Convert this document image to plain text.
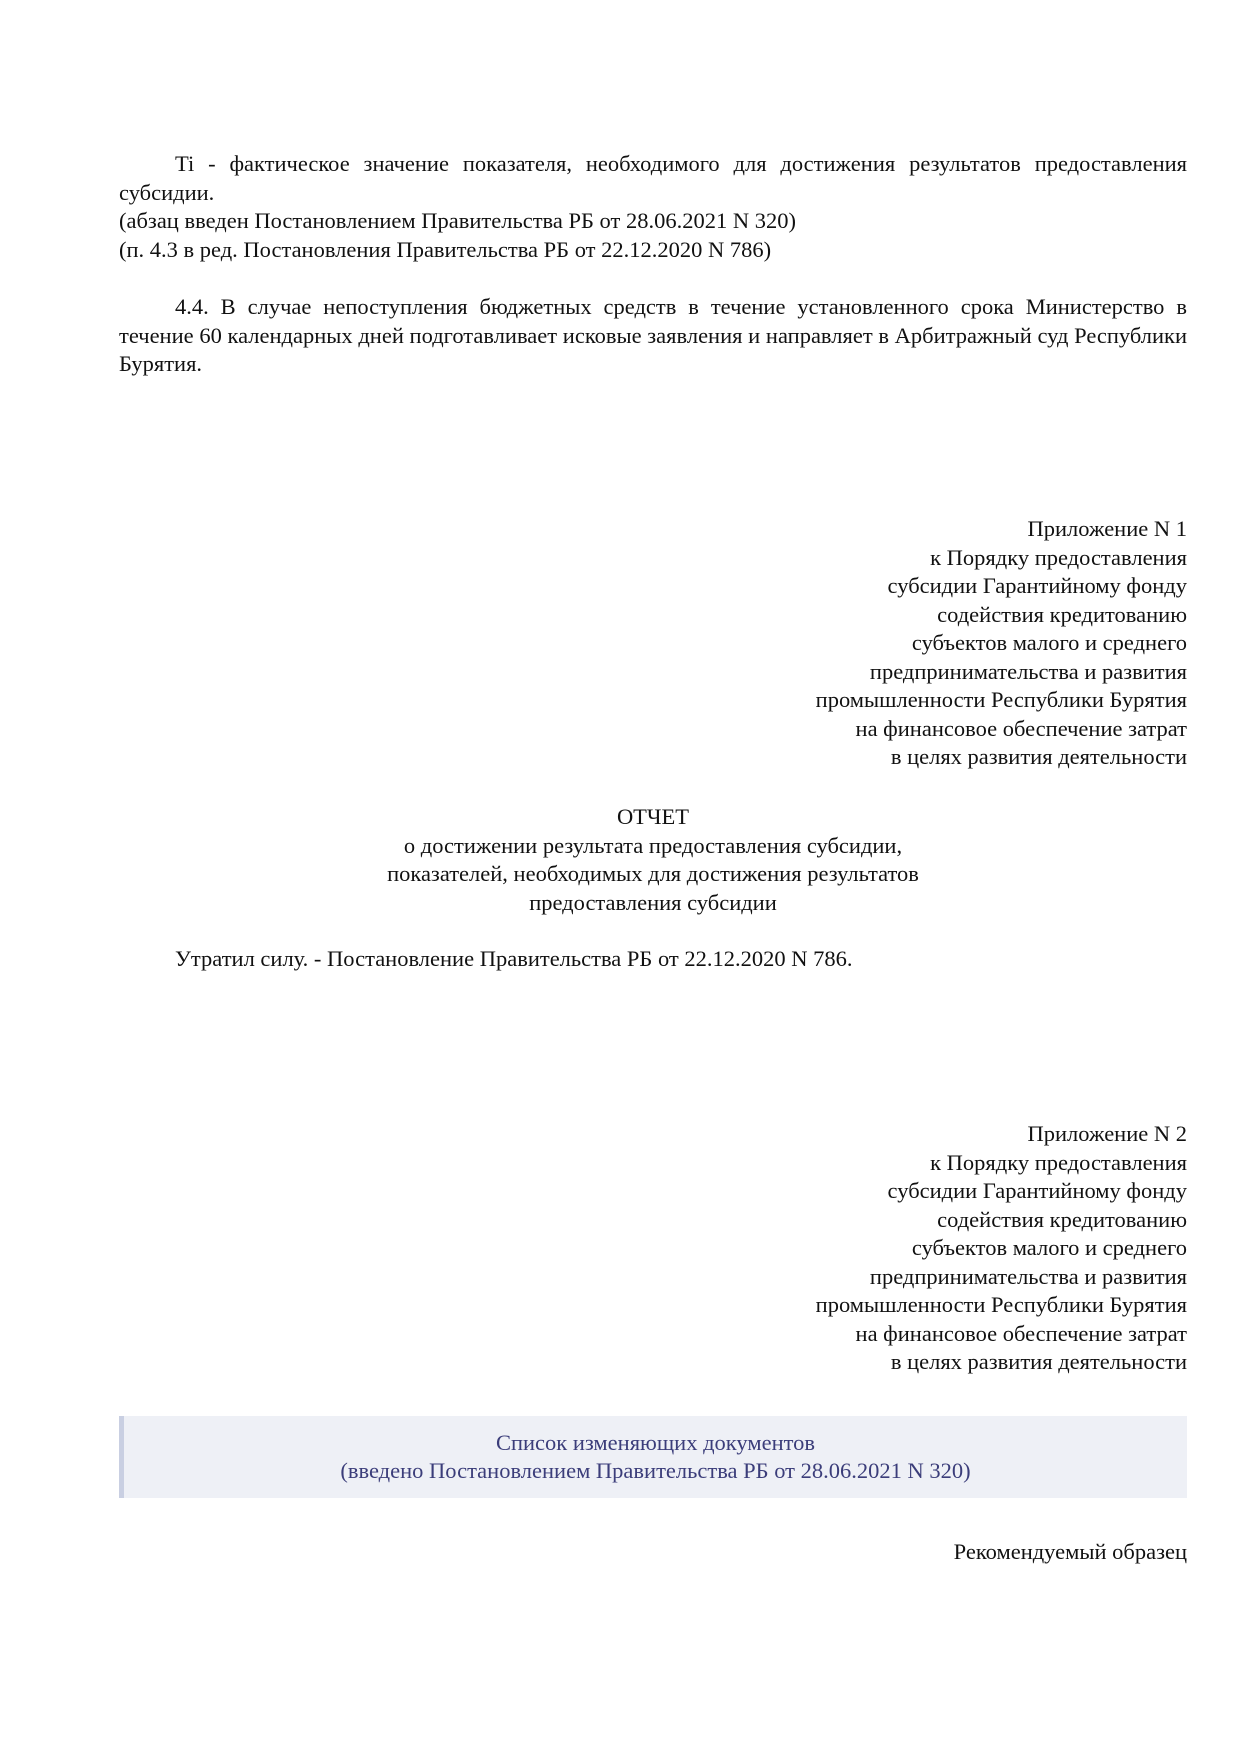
Ti - фактическое значение показателя, необходимого для достижения результатов предоставления субсидии.

(абзац введен Постановлением Правительства РБ от 28.06.2021 N 320)

(п. 4.3 в ред. Постановления Правительства РБ от 22.12.2020 N 786)

4.4. В случае непоступления бюджетных средств в течение установленного срока Министерство в течение 60 календарных дней подготавливает исковые заявления и направляет в Арбитражный суд Республики Бурятия.

Приложение N 1

к Порядку предоставления

субсидии Гарантийному фонду

содействия кредитованию

субъектов малого и среднего

предпринимательства и развития

промышленности Республики Бурятия

на финансовое обеспечение затрат

в целях развития деятельности

ОТЧЕТ

о достижении результата предоставления субсидии,

показателей, необходимых для достижения результатов

предоставления субсидии

Утратил силу. - Постановление Правительства РБ от 22.12.2020 N 786.

Приложение N 2

к Порядку предоставления

субсидии Гарантийному фонду

содействия кредитованию

субъектов малого и среднего

предпринимательства и развития

промышленности Республики Бурятия

на финансовое обеспечение затрат

в целях развития деятельности

Список изменяющих документов

(введено Постановлением Правительства РБ от 28.06.2021 N 320)

Рекомендуемый образец
